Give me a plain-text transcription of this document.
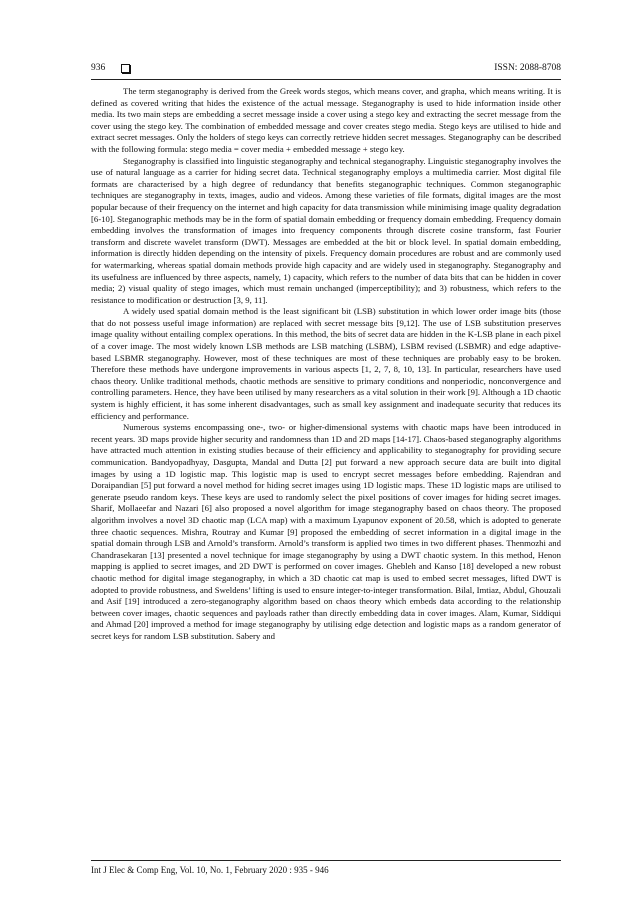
936	ISSN: 2088-8708

The term steganography is derived from the Greek words stegos, which means cover, and grapha, which means writing. It is defined as covered writing that hides the existence of the actual message. Steganography is used to hide information inside other media. Its two main steps are embedding a secret message inside a cover using a stego key and extracting the secret message from the cover using the stego key. The combination of embedded message and cover creates stego media. Stego keys are utilised to hide and extract secret messages. Only the holders of stego keys can correctly retrieve hidden secret messages. Steganography can be described with the following formula: stego media = cover media + embedded message + stego key.

Steganography is classified into linguistic steganography and technical steganography. Linguistic steganography involves the use of natural language as a carrier for hiding secret data. Technical steganography employs a multimedia carrier. Most digital file formats are characterised by a high degree of redundancy that benefits steganographic techniques. Common steganographic techniques are steganography in texts, images, audio and videos. Among these varieties of file formats, digital images are the most popular because of their frequency on the internet and high capacity for data transmission while minimising image quality degradation [6-10]. Steganographic methods may be in the form of spatial domain embedding or frequency domain embedding. Frequency domain embedding involves the transformation of images into frequency components through discrete cosine transform, fast Fourier transform and discrete wavelet transform (DWT). Messages are embedded at the bit or block level. In spatial domain embedding, information is directly hidden depending on the intensity of pixels. Frequency domain procedures are robust and are commonly used for watermarking, whereas spatial domain methods provide high capacity and are widely used in steganography. Steganography and its usefulness are influenced by three aspects, namely, 1) capacity, which refers to the number of data bits that can be hidden in cover media; 2) visual quality of stego images, which must remain unchanged (imperceptibility); and 3) robustness, which refers to the resistance to modification or destruction [3, 9, 11].

A widely used spatial domain method is the least significant bit (LSB) substitution in which lower order image bits (those that do not possess useful image information) are replaced with secret message bits [9,12]. The use of LSB substitution preserves image quality without entailing complex operations. In this method, the bits of secret data are hidden in the K-LSB plane in each pixel of a cover image. The most widely known LSB methods are LSB matching (LSBM), LSBM revised (LSBMR) and edge adaptive-based LSBMR steganography. However, most of these techniques are most of these techniques are probably easy to be broken. Therefore these methods have undergone improvements in various aspects [1, 2, 7, 8, 10, 13]. In particular, researchers have used chaos theory. Unlike traditional methods, chaotic methods are sensitive to primary conditions and nonperiodic, nonconvergence and controlling parameters. Hence, they have been utilised by many researchers as a vital solution in their work [9]. Although a 1D chaotic system is highly efficient, it has some inherent disadvantages, such as small key assignment and inadequate security that reduces its efficiency and performance.

Numerous systems encompassing one-, two- or higher-dimensional systems with chaotic maps have been introduced in recent years. 3D maps provide higher security and randomness than 1D and 2D maps [14-17]. Chaos-based steganography algorithms have attracted much attention in existing studies because of their efficiency and applicability to steganography for providing secure communication. Bandyopadhyay, Dasgupta, Mandal and Dutta [2] put forward a new approach secure data are built into digital images by using a 1D logistic map. This logistic map is used to encrypt secret messages before embedding. Rajendran and Doraipandian [5] put forward a novel method for hiding secret images using 1D logistic maps. These 1D logistic maps are utilised to generate pseudo random keys. These keys are used to randomly select the pixel positions of cover images for hiding secret images. Sharif, Mollaeefar and Nazari [6] also proposed a novel algorithm for image steganography based on chaos theory. The proposed algorithm involves a novel 3D chaotic map (LCA map) with a maximum Lyapunov exponent of 20.58, which is adopted to generate three chaotic sequences. Mishra, Routray and Kumar [9] proposed the embedding of secret information in a digital image in the spatial domain through LSB and Arnold’s transform. Arnold’s transform is applied two times in two different phases. Thenmozhi and Chandrasekaran [13] presented a novel technique for image steganography by using a DWT chaotic system. In this method, Henon mapping is applied to secret images, and 2D DWT is performed on cover images. Ghebleh and Kanso [18] developed a new robust chaotic method for digital image steganography, in which a 3D chaotic cat map is used to embed secret messages, lifted DWT is adopted to provide robustness, and Sweldens’ lifting is used to ensure integer-to-integer transformation. Bilal, Imtiaz, Abdul, Ghouzali and Asif [19] introduced a zero-steganography algorithm based on chaos theory which embeds data according to the relationship between cover images, chaotic sequences and payloads rather than directly embedding data in cover images. Alam, Kumar, Siddiqui and Ahmad [20] improved a method for image steganography by utilising edge detection and logistic maps as a random generator of secret keys for random LSB substitution. Sabery and

Int J Elec & Comp Eng, Vol. 10, No. 1, February 2020 : 935 - 946
